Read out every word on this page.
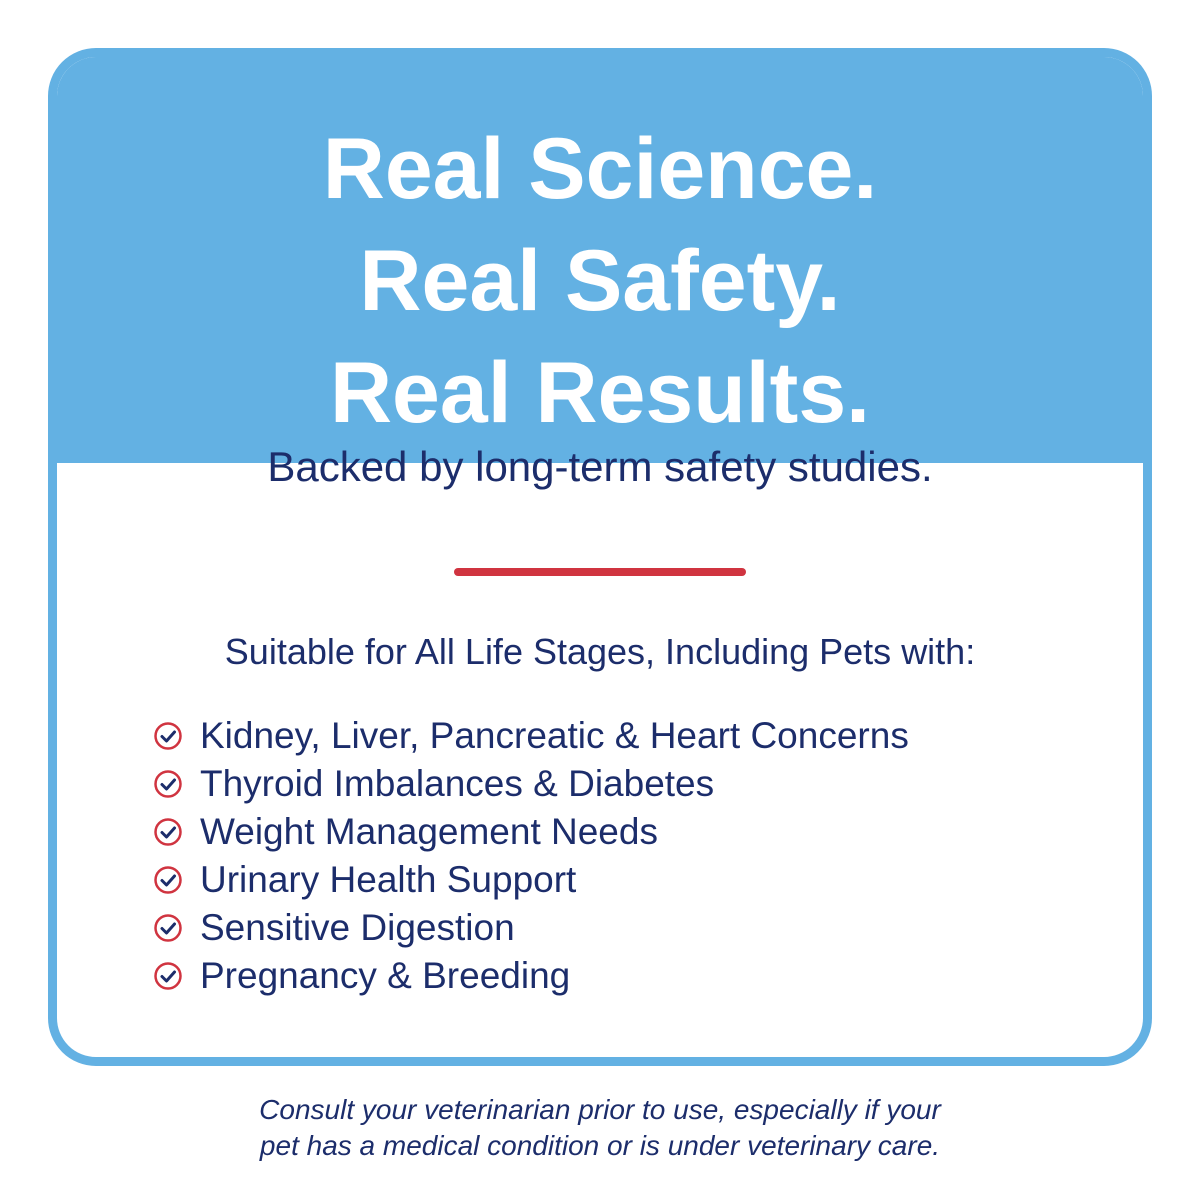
Real Science.
Real Safety.
Real Results.
Backed by long-term safety studies.
Suitable for All Life Stages, Including Pets with:
Kidney, Liver, Pancreatic & Heart Concerns
Thyroid Imbalances & Diabetes
Weight Management Needs
Urinary Health Support
Sensitive Digestion
Pregnancy & Breeding
Consult your veterinarian prior to use, especially if your
pet has a medical condition or is under veterinary care.
